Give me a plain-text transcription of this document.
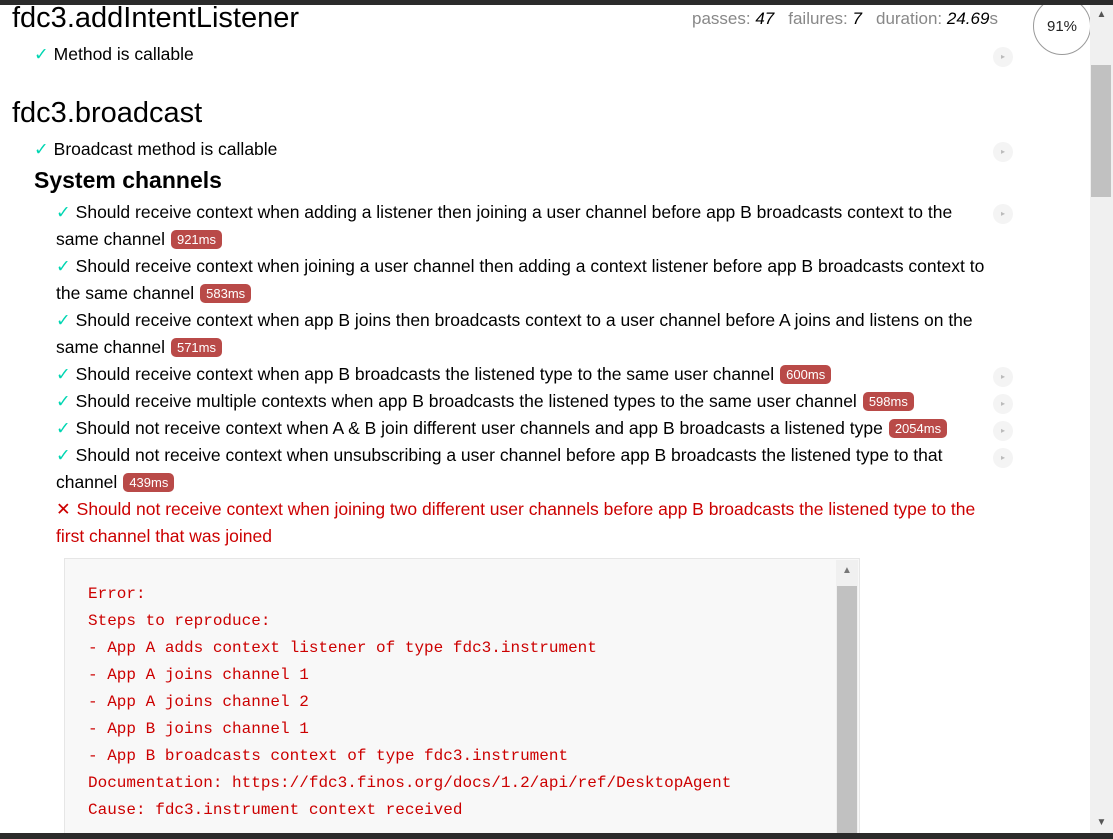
passes: 47 failures: 7 duration: 24.69s	91%
fdc3.addIntentListener
✓ Method is callable	▸
fdc3.broadcast
✓ Broadcast method is callable	▸
System channels
✓ Should receive context when adding a listener then joining a user channel before app B broadcasts context to the
same channel 921ms
▸
✓ Should receive context when joining a user channel then adding a context listener before app B broadcasts context to
the same channel 583ms
✓ Should receive context when app B joins then broadcasts context to a user channel before A joins and listens on the
same channel 571ms
✓ Should receive context when app B broadcasts the listened type to the same user channel 600ms	▸
✓ Should receive multiple contexts when app B broadcasts the listened types to the same user channel 598ms	▸
✓ Should not receive context when A & B join different user channels and app B broadcasts a listened type 2054ms	▸
✓ Should not receive context when unsubscribing a user channel before app B broadcasts the listened type to that
channel 439ms
▸
✕ Should not receive context when joining two different user channels before app B broadcasts the listened type to the
first channel that was joined
Error:
Steps to reproduce:
- App A adds context listener of type fdc3.instrument
- App A joins channel 1
- App A joins channel 2
- App B joins channel 1
- App B broadcasts context of type fdc3.instrument
Documentation: https://fdc3.finos.org/docs/1.2/api/ref/DesktopAgent
Cause: fdc3.instrument context received
▲
▲
▼
